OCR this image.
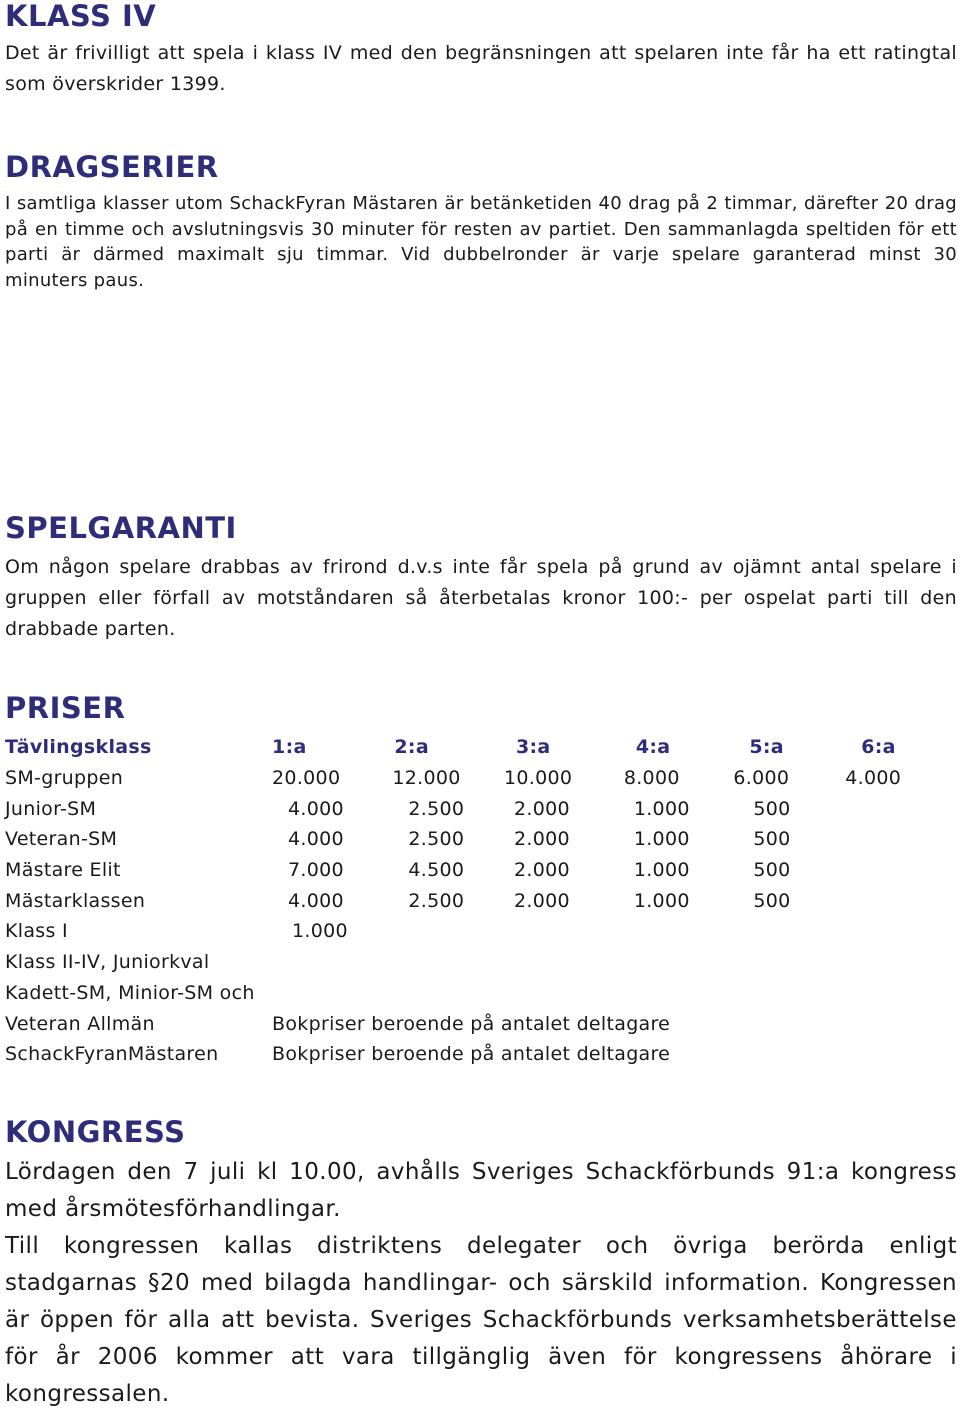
KLASS IV

Det är frivilligt att spela i klass IV med den begränsningen att spelaren inte får ha ett ratingtal som överskrider 1399.

DRAGSERIER

I samtliga klasser utom SchackFyran Mästaren är betänketiden 40 drag på 2 timmar, därefter 20 drag på en timme och avslutningsvis 30 minuter för resten av partiet. Den sammanlagda speltiden för ett parti är därmed maximalt sju timmar. Vid dubbelronder är varje spelare garanterad minst 30 minuters paus.

SPELGARANTI

Om någon spelare drabbas av frirond d.v.s inte får spela på grund av ojämnt antal spelare i gruppen eller förfall av motståndaren så återbetalas kronor 100:- per ospelat parti till den drabbade parten.

PRISER
Tävlingsklass	1:a	2:a	3:a	4:a	5:a	6:a
SM-gruppen	20.000	12.000	10.000	8.000	6.000	4.000
Junior-SM	4.000	2.500	2.000	1.000	500	
Veteran-SM	4.000	2.500	2.000	1.000	500	
Mästare Elit	7.000	4.500	2.000	1.000	500	
Mästarklassen	4.000	2.500	2.000	1.000	500	
Klass I	1.000					
Klass II-IV, Juniorkval						
Kadett-SM, Minior-SM och						
Veteran Allmän	Bokpriser beroende på antalet deltagare					
SchackFyranMästaren	Bokpriser beroende på antalet deltagare					
KONGRESS

Lördagen den 7 juli kl 10.00, avhålls Sveriges Schackförbunds 91:a kongress med årsmötesförhandlingar.

Till kongressen kallas distriktens delegater och övriga berörda enligt stadgarnas §20 med bilagda handlingar- och särskild information. Kongressen är öppen för alla att bevista. Sveriges Schackförbunds verksamhetsberättelse för år 2006 kommer att vara tillgänglig även för kongressens åhörare i kongressalen.
